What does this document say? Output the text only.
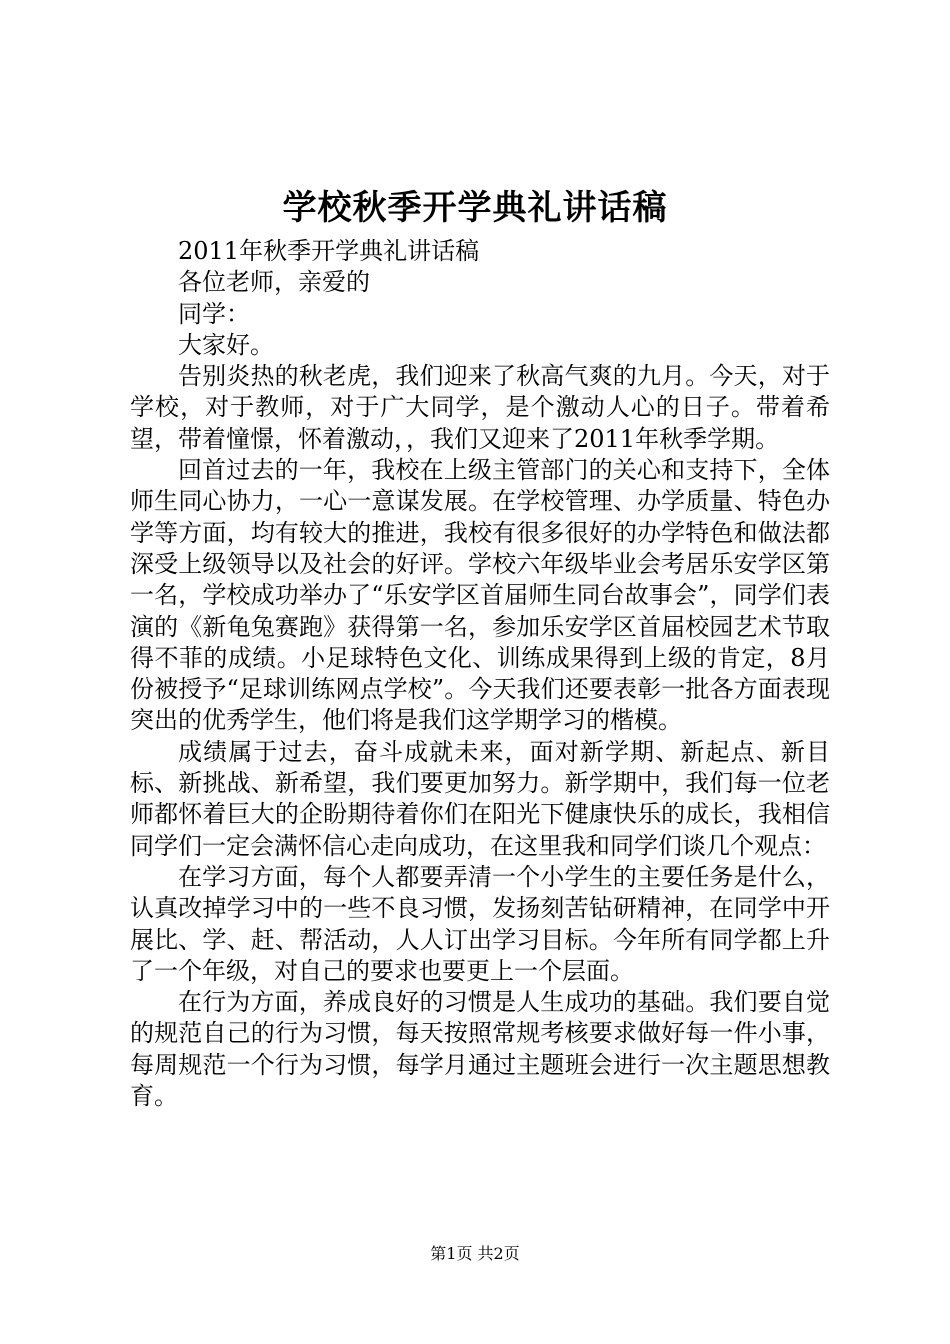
学校秋季开学典礼讲话稿

2011年秋季开学典礼讲话稿

各位老师，亲爱的

同学：

大家好。

告别炎热的秋老虎，我们迎来了秋高气爽的九月。今天，对于学校，对于教师，对于广大同学，是个激动人心的日子。带着希望，带着憧憬，怀着激动，，我们又迎来了2011年秋季学期。

回首过去的一年，我校在上级主管部门的关心和支持下，全体师生同心协力，一心一意谋发展。在学校管理、办学质量、特色办学等方面，均有较大的推进，我校有很多很好的办学特色和做法都深受上级领导以及社会的好评。学校六年级毕业会考居乐安学区第一名，学校成功举办了“乐安学区首届师生同台故事会”，同学们表演的《新龟兔赛跑》获得第一名，参加乐安学区首届校园艺术节取得不菲的成绩。小足球特色文化、训练成果得到上级的肯定，8月份被授予“足球训练网点学校”。今天我们还要表彰一批各方面表现突出的优秀学生，他们将是我们这学期学习的楷模。

成绩属于过去，奋斗成就未来，面对新学期、新起点、新目标、新挑战、新希望，我们要更加努力。新学期中，我们每一位老师都怀着巨大的企盼期待着你们在阳光下健康快乐的成长，我相信同学们一定会满怀信心走向成功，在这里我和同学们谈几个观点：

在学习方面，每个人都要弄清一个小学生的主要任务是什么，认真改掉学习中的一些不良习惯，发扬刻苦钻研精神，在同学中开展比、学、赶、帮活动，人人订出学习目标。今年所有同学都上升了一个年级，对自己的要求也要更上一个层面。

在行为方面，养成良好的习惯是人生成功的基础。我们要自觉的规范自己的行为习惯，每天按照常规考核要求做好每一件小事，每周规范一个行为习惯，每学月通过主题班会进行一次主题思想教育。

第1页 共2页
